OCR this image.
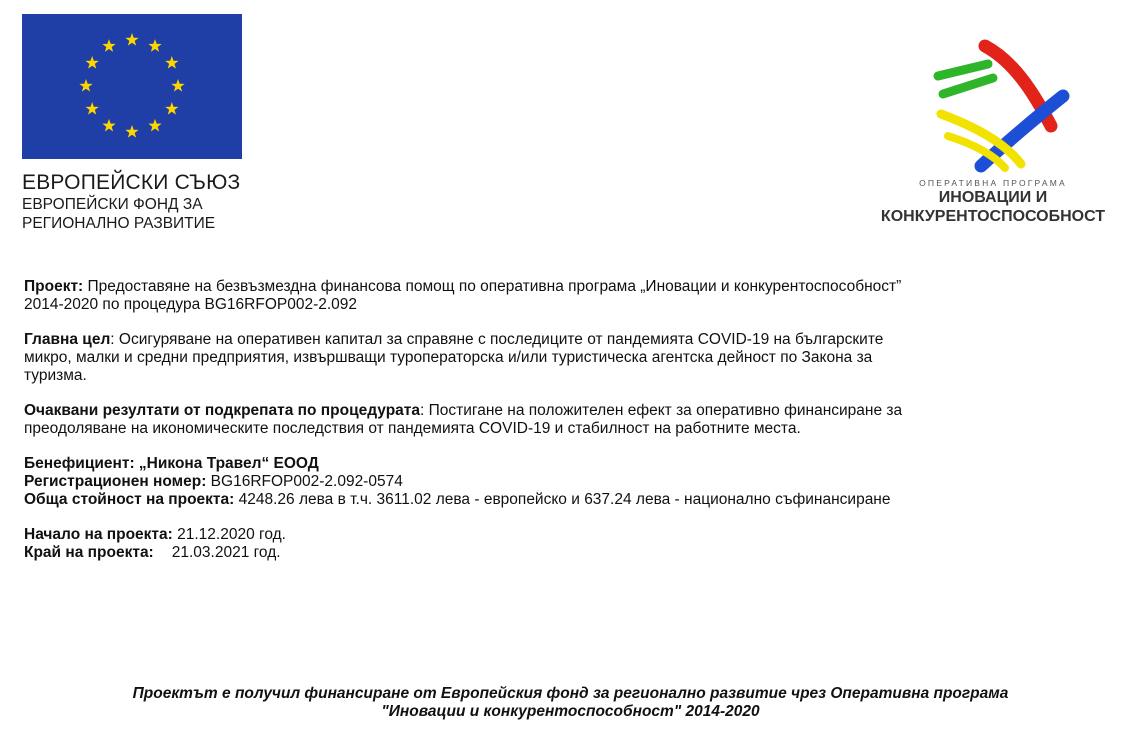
ЕВРОПЕЙСКИ СЪЮЗ
ЕВРОПЕЙСКИ ФОНД ЗА
РЕГИОНАЛНО РАЗВИТИЕ
ОПЕРАТИВНА ПРОГРАМА
ИНОВАЦИИ И
КОНКУРЕНТОСПОСОБНОСТ
Проект: Предоставяне на безвъзмездна финансова помощ по оперативна програма „Иновации и конкурентоспособност”
2014-2020 по процедура BG16RFOP002-2.092
Главна цел: Осигуряване на оперативен капитал за справяне с последиците от пандемията COVID-19 на българските
микро, малки и средни предприятия, извършващи туроператорска и/или туристическа агентска дейност по Закона за
туризма.
Очаквани резултати от подкрепата по процедурата: Постигане на положителен ефект за оперативно финансиране за
преодоляване на икономическите последствия от пандемията COVID-19 и стабилност на работните места.
Бенефициент: „Никона Травел“ ЕООД
Регистрационен номер: BG16RFOP002-2.092-0574
Обща стойност на проекта: 4248.26 лева в т.ч. 3611.02 лева - европейско и 637.24 лева - национално съфинансиране
Начало на проекта: 21.12.2020 год.
Край на проекта: 21.03.2021 год.
Проектът е получил финансиране от Европейския фонд за регионално развитие чрез Оперативна програма
"Иновации и конкурентоспособност" 2014-2020
